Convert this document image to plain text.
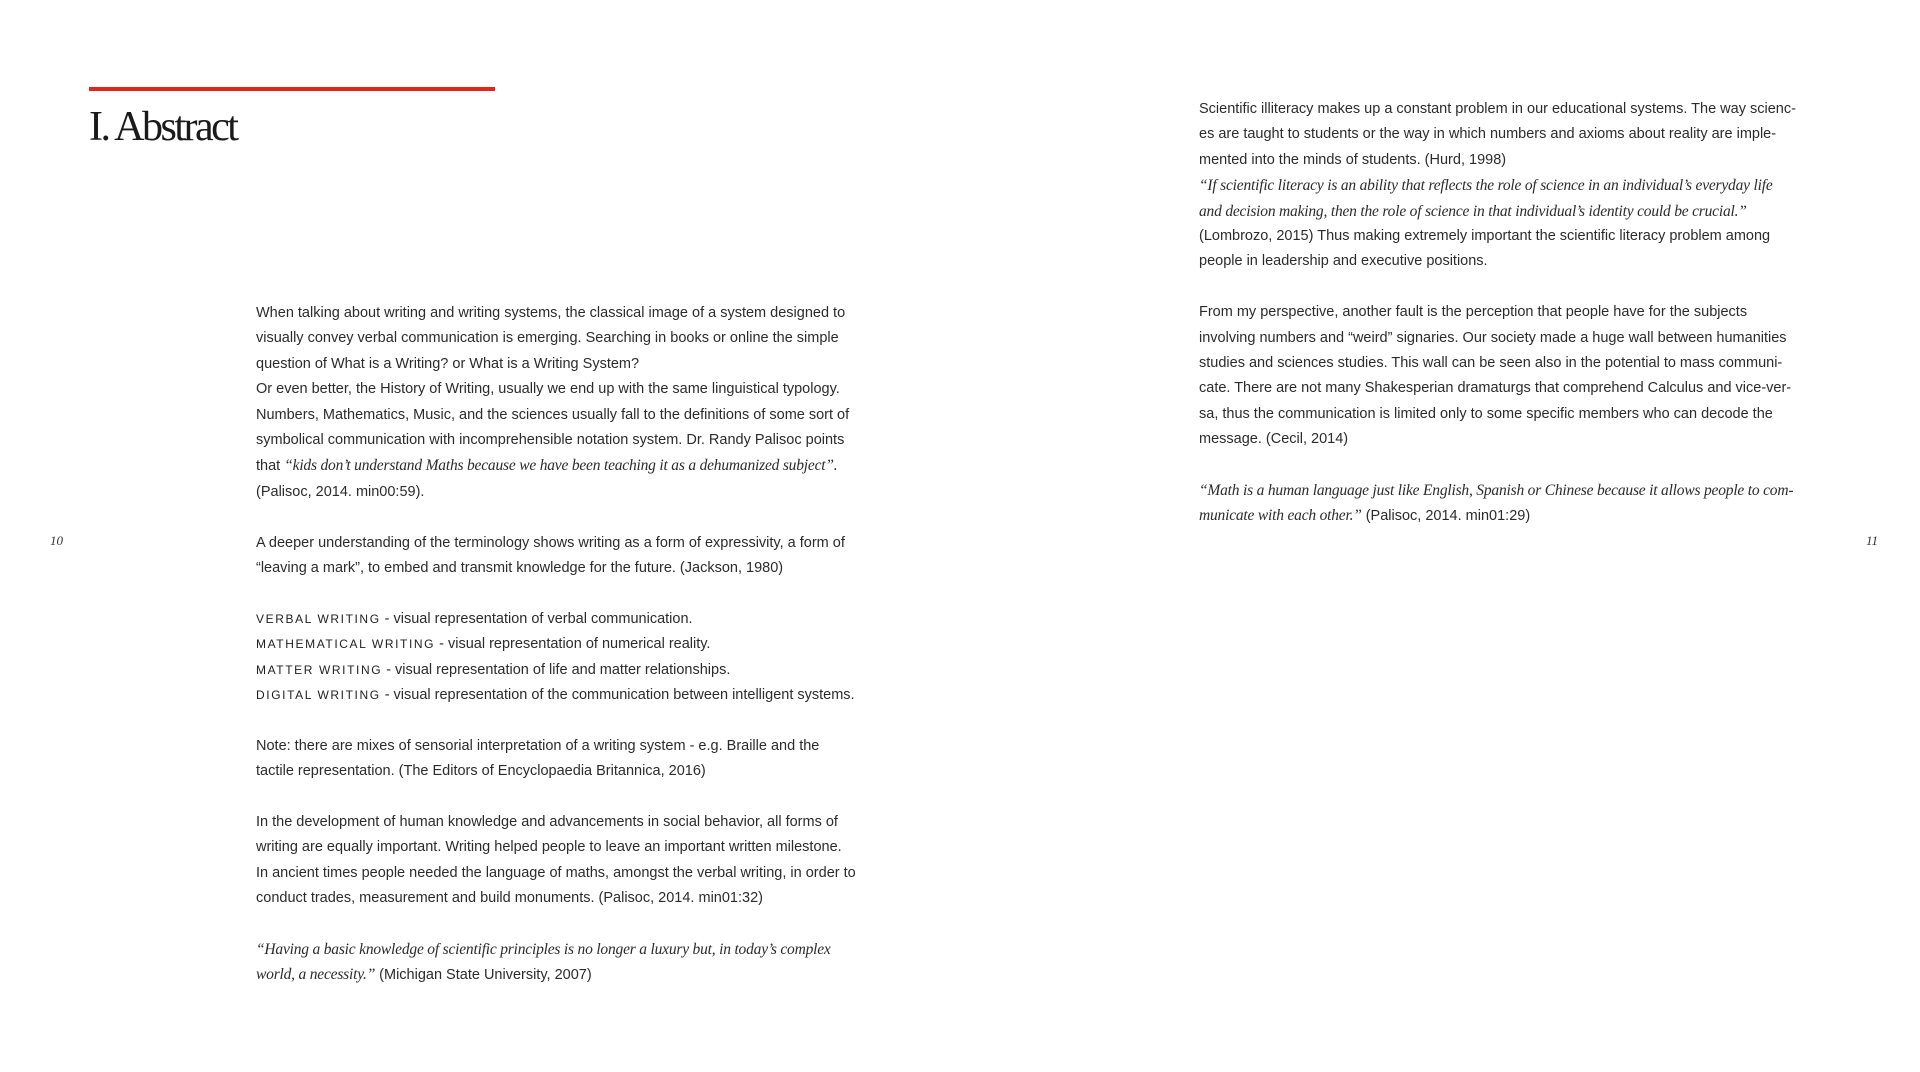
I. Abstract

10	11

When talking about writing and writing systems, the classical image of a system designed to

visually convey verbal communication is emerging. Searching in books or online the simple

question of What is a Writing? or What is a Writing System?

Or even better, the History of Writing, usually we end up with the same linguistical typology.

Numbers, Mathematics, Music, and the sciences usually fall to the definitions of some sort of

symbolical communication with incomprehensible notation system. Dr. Randy Palisoc points

that “kids don’t understand Maths because we have been teaching it as a dehumanized subject”.

(Palisoc, 2014. min00:59).

A deeper understanding of the terminology shows writing as a form of expressivity, a form of

“leaving a mark”, to embed and transmit knowledge for the future. (Jackson, 1980)

VERBAL WRITING - visual representation of verbal communication.

MATHEMATICAL WRITING - visual representation of numerical reality.

MATTER WRITING - visual representation of life and matter relationships.

DIGITAL WRITING - visual representation of the communication between intelligent systems.

Note: there are mixes of sensorial interpretation of a writing system - e.g. Braille and the

tactile representation. (The Editors of Encyclopaedia Britannica, 2016)

In the development of human knowledge and advancements in social behavior, all forms of

writing are equally important. Writing helped people to leave an important written milestone.

In ancient times people needed the language of maths, amongst the verbal writing, in order to

conduct trades, measurement and build monuments. (Palisoc, 2014. min01:32)

“Having a basic knowledge of scientific principles is no longer a luxury but, in today’s complex

world, a necessity.” (Michigan State University, 2007)

Scientific illiteracy makes up a constant problem in our educational systems. The way scienc-

es are taught to students or the way in which numbers and axioms about reality are imple-

mented into the minds of students. (Hurd, 1998)

“If scientific literacy is an ability that reflects the role of science in an individual’s everyday life

and decision making, then the role of science in that individual’s identity could be crucial.”

(Lombrozo, 2015) Thus making extremely important the scientific literacy problem among

people in leadership and executive positions.

From my perspective, another fault is the perception that people have for the subjects

involving numbers and “weird” signaries. Our society made a huge wall between humanities

studies and sciences studies. This wall can be seen also in the potential to mass communi-

cate. There are not many Shakesperian dramaturgs that comprehend Calculus and vice-ver-

sa, thus the communication is limited only to some specific members who can decode the

message. (Cecil, 2014)

“Math is a human language just like English, Spanish or Chinese because it allows people to com-

municate with each other.” (Palisoc, 2014. min01:29)
